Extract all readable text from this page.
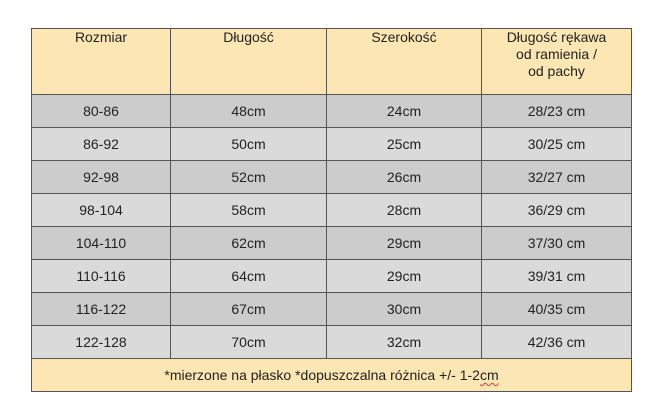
Rozmiar	Długość	Szerokość	Długość rękawa
od ramienia /
od pachy

80-86	48cm	24cm	28/23 cm
86-92	50cm	25cm	30/25 cm
92-98	52cm	26cm	32/27 cm
98-104	58cm	28cm	36/29 cm
104-110	62cm	29cm	37/30 cm
110-116	64cm	29cm	39/31 cm
116-122	67cm	30cm	40/35 cm
122-128	70cm	32cm	42/36 cm
*mierzone na płasko *dopuszczalna różnica +/- 1-2cm			
